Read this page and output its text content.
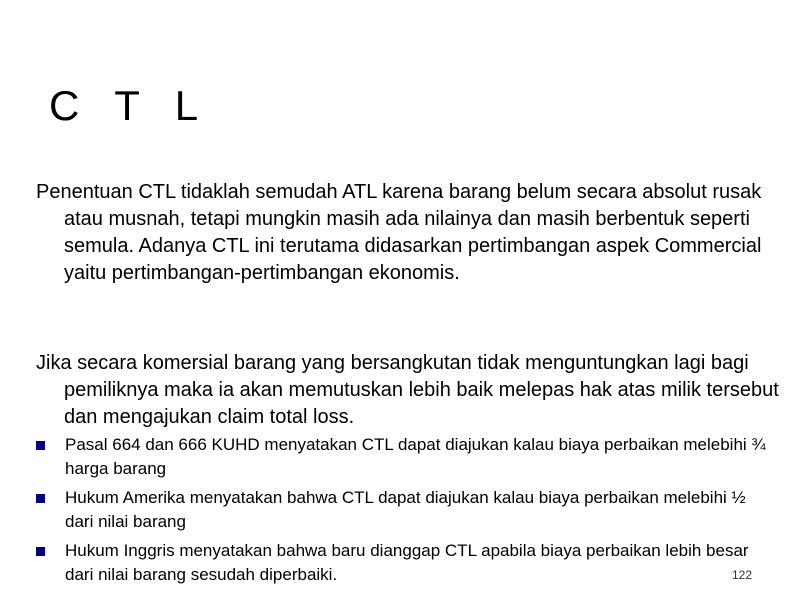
C T L

Penentuan CTL tidaklah semudah ATL karena barang belum secara absolut rusak atau musnah, tetapi mungkin masih ada nilainya dan masih berbentuk seperti semula. Adanya CTL ini terutama didasarkan pertimbangan aspek Commercial yaitu pertimbangan-pertimbangan ekonomis.

Jika secara komersial barang yang bersangkutan tidak menguntungkan lagi bagi pemiliknya maka ia akan memutuskan lebih baik melepas hak atas milik tersebut dan mengajukan claim total loss.

Pasal 664 dan 666 KUHD menyatakan CTL dapat diajukan kalau biaya perbaikan melebihi ¾ harga barang
Hukum Amerika menyatakan bahwa CTL dapat diajukan kalau biaya perbaikan melebihi ½ dari nilai barang
Hukum Inggris menyatakan bahwa baru dianggap CTL apabila biaya perbaikan lebih besar dari nilai barang sesudah diperbaiki.	122
